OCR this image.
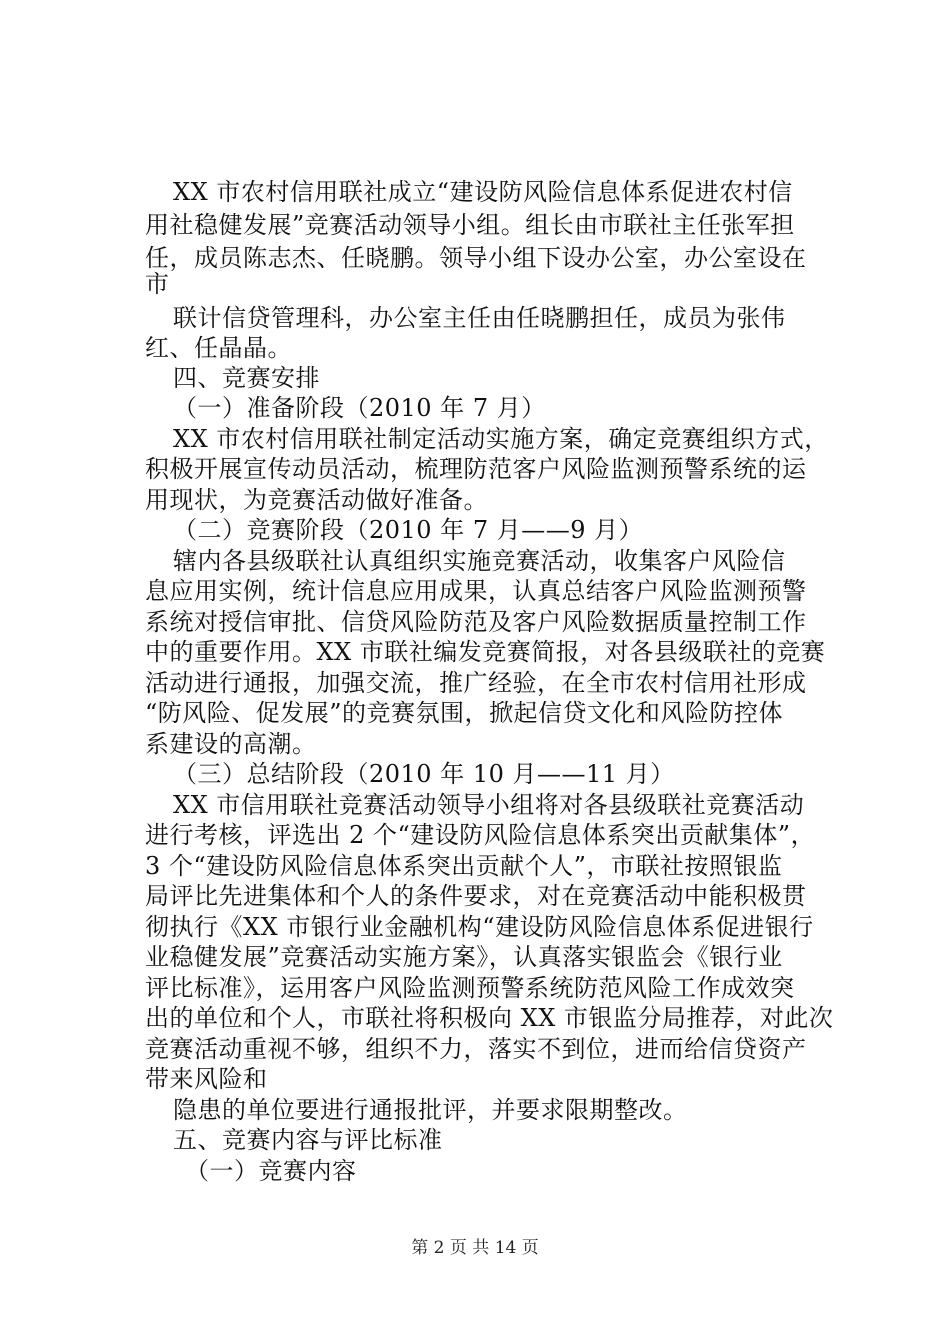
XX 市农村信用联社成立“建设防风险信息体系促进农村信
用社稳健发展”竞赛活动领导小组。组长由市联社主任张军担
任，成员陈志杰、任晓鹏。领导小组下设办公室，办公室设在
市
联计信贷管理科，办公室主任由任晓鹏担任，成员为张伟
红、任晶晶。
四、竞赛安排
（一）准备阶段（2010 年 7 月）
XX 市农村信用联社制定活动实施方案，确定竞赛组织方式，
积极开展宣传动员活动，梳理防范客户风险监测预警系统的运
用现状，为竞赛活动做好准备。
（二）竞赛阶段（2010 年 7 月——9 月）
辖内各县级联社认真组织实施竞赛活动，收集客户风险信
息应用实例，统计信息应用成果，认真总结客户风险监测预警
系统对授信审批、信贷风险防范及客户风险数据质量控制工作
中的重要作用。XX 市联社编发竞赛简报，对各县级联社的竞赛
活动进行通报，加强交流，推广经验，在全市农村信用社形成
“防风险、促发展”的竞赛氛围，掀起信贷文化和风险防控体
系建设的高潮。
（三）总结阶段（2010 年 10 月——11 月）
XX 市信用联社竞赛活动领导小组将对各县级联社竞赛活动
进行考核，评选出 2 个“建设防风险信息体系突出贡献集体”，
3 个“建设防风险信息体系突出贡献个人”，市联社按照银监
局评比先进集体和个人的条件要求，对在竞赛活动中能积极贯
彻执行《XX 市银行业金融机构“建设防风险信息体系促进银行
业稳健发展”竞赛活动实施方案》，认真落实银监会《银行业
评比标准》，运用客户风险监测预警系统防范风险工作成效突
出的单位和个人，市联社将积极向 XX 市银监分局推荐，对此次
竞赛活动重视不够，组织不力，落实不到位，进而给信贷资产
带来风险和
隐患的单位要进行通报批评，并要求限期整改。
五、竞赛内容与评比标准
（一）竞赛内容
第 2 页 共 14 页
